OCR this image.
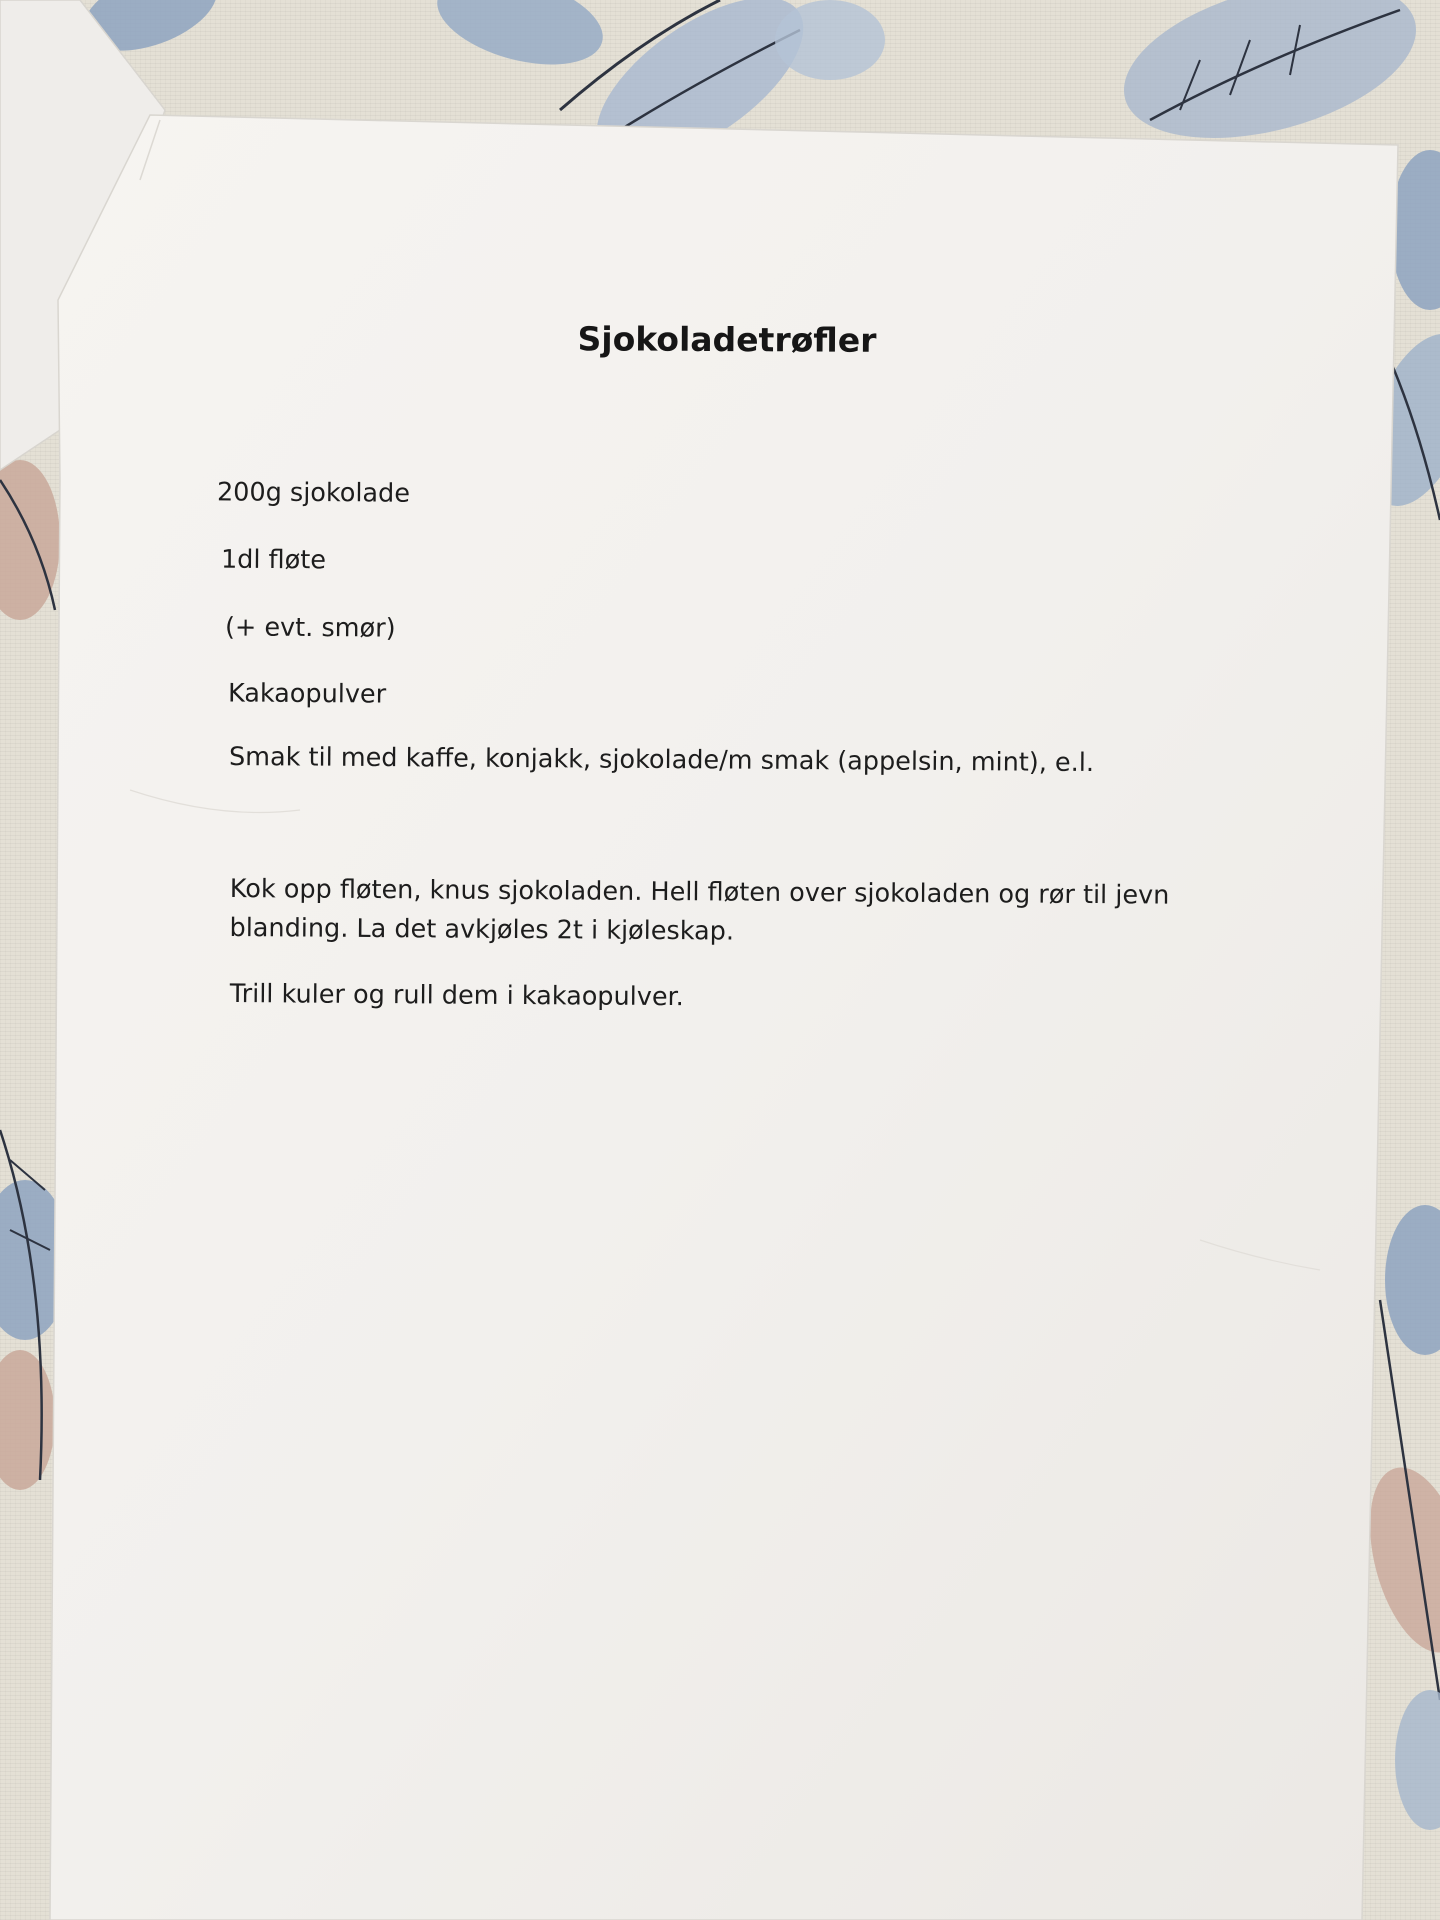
Sjokoladetrøfler
200g sjokolade
1dl fløte
(+ evt. smør)
Kakaopulver
Smak til med kaffe, konjakk, sjokolade/m smak (appelsin, mint), e.l.
Kok opp fløten, knus sjokoladen. Hell fløten over sjokoladen og rør til jevn blanding. La det avkjøles 2t i kjøleskap.
Trill kuler og rull dem i kakaopulver.
